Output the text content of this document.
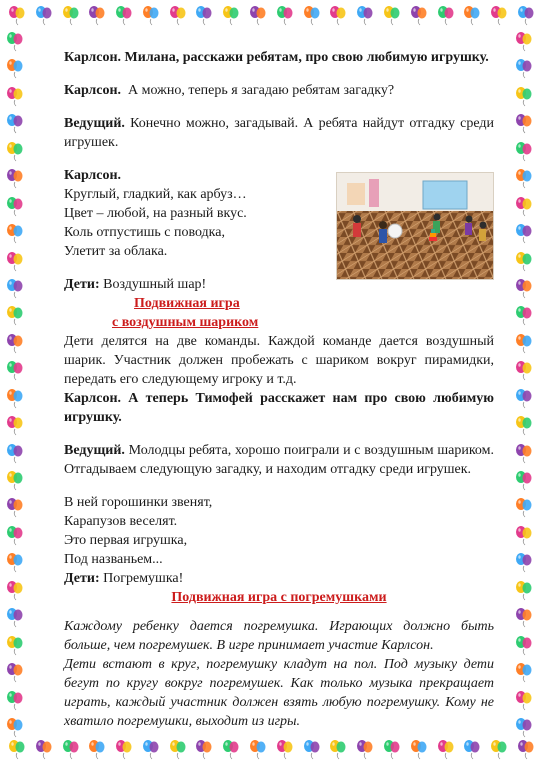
Карлсон. Милана, расскажи ребятам, про свою любимую игрушку.

Карлсон. А можно, теперь я загадаю ребятам загадку?

Ведущий. Конечно можно, загадывай. А ребята найдут отгадку среди игрушек.

Карлсон.

Круглый, гладкий, как арбуз…

Цвет – любой, на разный вкус.

Коль отпустишь с поводка,

Улетит за облака.

Дети: Воздушный шар!

Подвижная игра

с воздушным шариком

Дети делятся на две команды. Каждой команде дается воздушный шарик. Участник должен пробежать с шариком вокруг пирамидки, передать его следующему игроку и т.д.

Карлсон. А теперь Тимофей расскажет нам про свою любимую игрушку.

Ведущий. Молодцы ребята, хорошо поиграли и с воздушным шариком. Отгадываем следующую загадку, и находим отгадку среди игрушек.

В ней горошинки звенят,

Карапузов веселят.

Это первая игрушка,

Под названьем...

Дети: Погремушка!

Подвижная игра с погремушками

Каждому ребенку дается погремушка. Играющих должно быть больше, чем погремушек. В игре принимает участие Карлсон.

Дети встают в круг, погремушку кладут на пол. Под музыку дети бегут по кругу вокруг погремушек. Как только музыка прекращает играть, каждый участник должен взять любую погремушку. Кому не хватило погремушки, выходит из игры.
